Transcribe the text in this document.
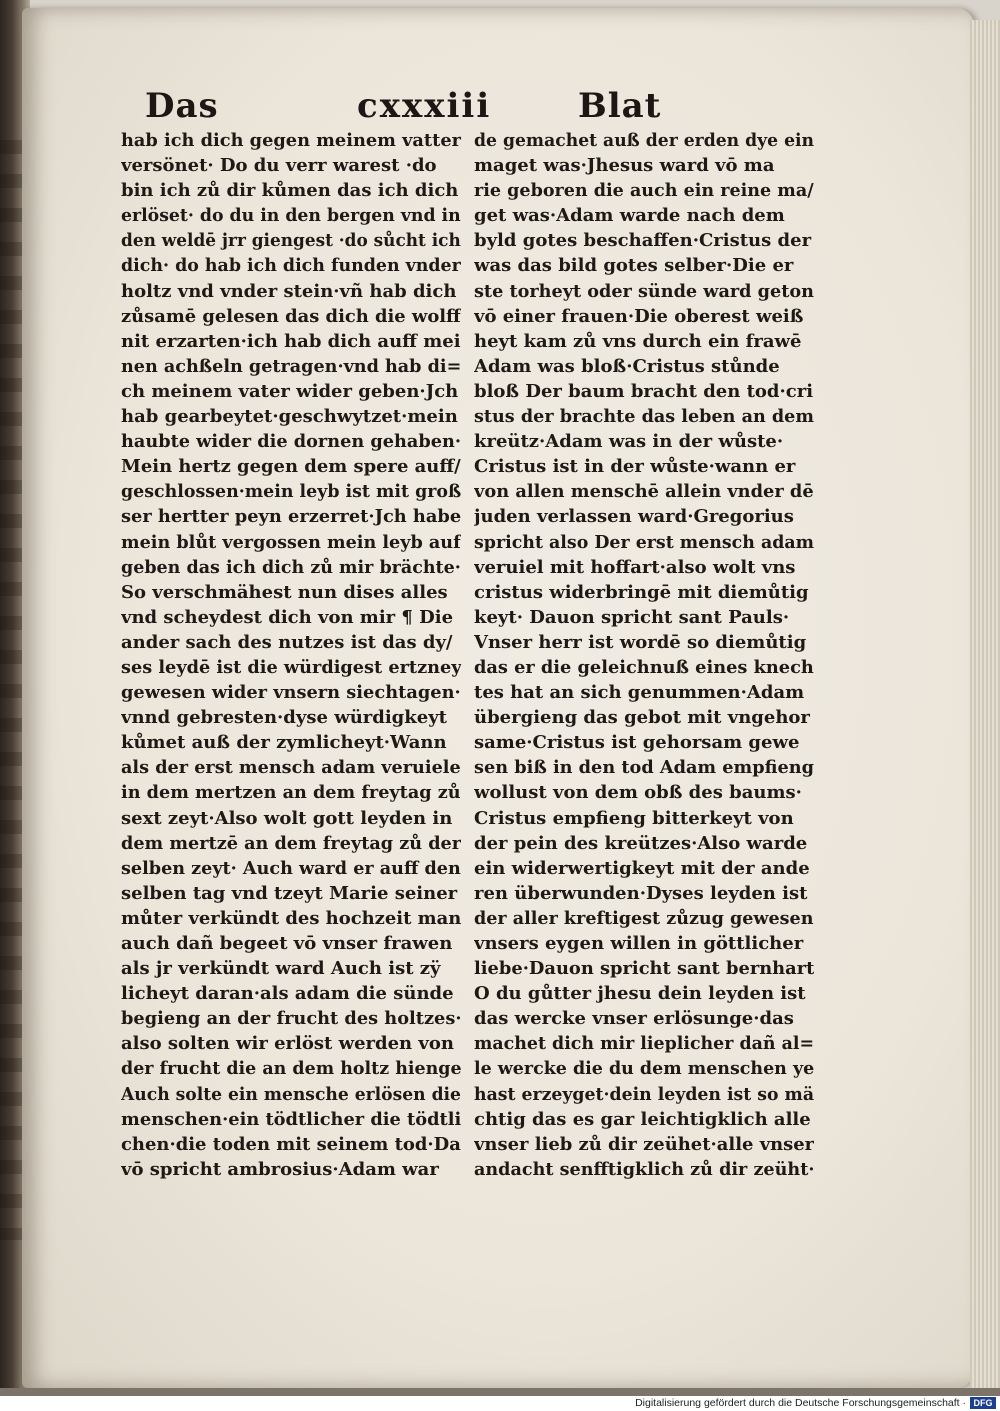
Das	cxxxiii	Blat
hab ich dich gegen meinem vatter
versönet· Do du verr warest ·do
bin ich zů dir kůmen das ich dich
erlöset· do du in den bergen vnd in
den weldē jrr giengest ·do sůcht ich
dich· do hab ich dich funden vnder
holtz vnd vnder stein·vñ hab dich
zůsamē gelesen das dich die wolff
nit erzarten·ich hab dich auff mei
nen achßeln getragen·vnd hab di=
ch meinem vater wider geben·Jch
hab gearbeytet·geschwytzet·mein
haubte wider die dornen gehaben·
Mein hertz gegen dem spere auff/
geschlossen·mein leyb ist mit groß
ser hertter peyn erzerret·Jch habe
mein blůt vergossen mein leyb auf
geben das ich dich zů mir brächte·
So verschmähest nun dises alles
vnd scheydest dich von mir ¶ Die
ander sach des nutzes ist das dy/
ses leydē ist die würdigest ertzney
gewesen wider vnsern siechtagen·
vnnd gebresten·dyse würdigkeyt
kůmet auß der zymlicheyt·Wann
als der erst mensch adam veruiele
in dem mertzen an dem freytag zů
sext zeyt·Also wolt gott leyden in
dem mertzē an dem freytag zů der
selben zeyt· Auch ward er auff den
selben tag vnd tzeyt Marie seiner
můter verkündt des hochzeit man
auch dañ begeet vō vnser frawen
als jr verkündt ward Auch ist zÿ
licheyt daran·als adam die sünde
begieng an der frucht des holtzes·
also solten wir erlöst werden von
der frucht die an dem holtz hienge
Auch solte ein mensche erlösen die
menschen·ein tödtlicher die tödtli
chen·die toden mit seinem tod·Da
vō spricht ambrosius·Adam war
de gemachet auß der erden dye ein
maget was·Jhesus ward vō ma
rie geboren die auch ein reine ma/
get was·Adam warde nach dem
byld gotes beschaffen·Cristus der
was das bild gotes selber·Die er
ste torheyt oder sünde ward geton
vō einer frauen·Die oberest weiß
heyt kam zů vns durch ein frawē
Adam was bloß·Cristus stůnde
bloß Der baum bracht den tod·cri
stus der brachte das leben an dem
kreütz·Adam was in der wůste·
Cristus ist in der wůste·wann er
von allen menschē allein vnder dē
juden verlassen ward·Gregorius
spricht also Der erst mensch adam
veruiel mit hoffart·also wolt vns
cristus widerbringē mit diemůtig
keyt· Dauon spricht sant Pauls·
Vnser herr ist wordē so diemůtig
das er die geleichnuß eines knech
tes hat an sich genummen·Adam
übergieng das gebot mit vngehor
same·Cristus ist gehorsam gewe
sen biß in den tod Adam empfieng
wollust von dem obß des baums·
Cristus empfieng bitterkeyt von
der pein des kreützes·Also warde
ein widerwertigkeyt mit der ande
ren überwunden·Dyses leyden ist
der aller kreftigest zůzug gewesen
vnsers eygen willen in göttlicher
liebe·Dauon spricht sant bernhart
O du gůtter jhesu dein leyden ist
das wercke vnser erlösunge·das
machet dich mir lieplicher dañ al=
le wercke die du dem menschen ye
hast erzeyget·dein leyden ist so mä
chtig das es gar leichtigklich alle
vnser lieb zů dir zeühet·alle vnser
andacht senfftigklich zů dir zeüht·
Digitalisierung gefördert durch die Deutsche Forschungsgemeinschaft · DFG
